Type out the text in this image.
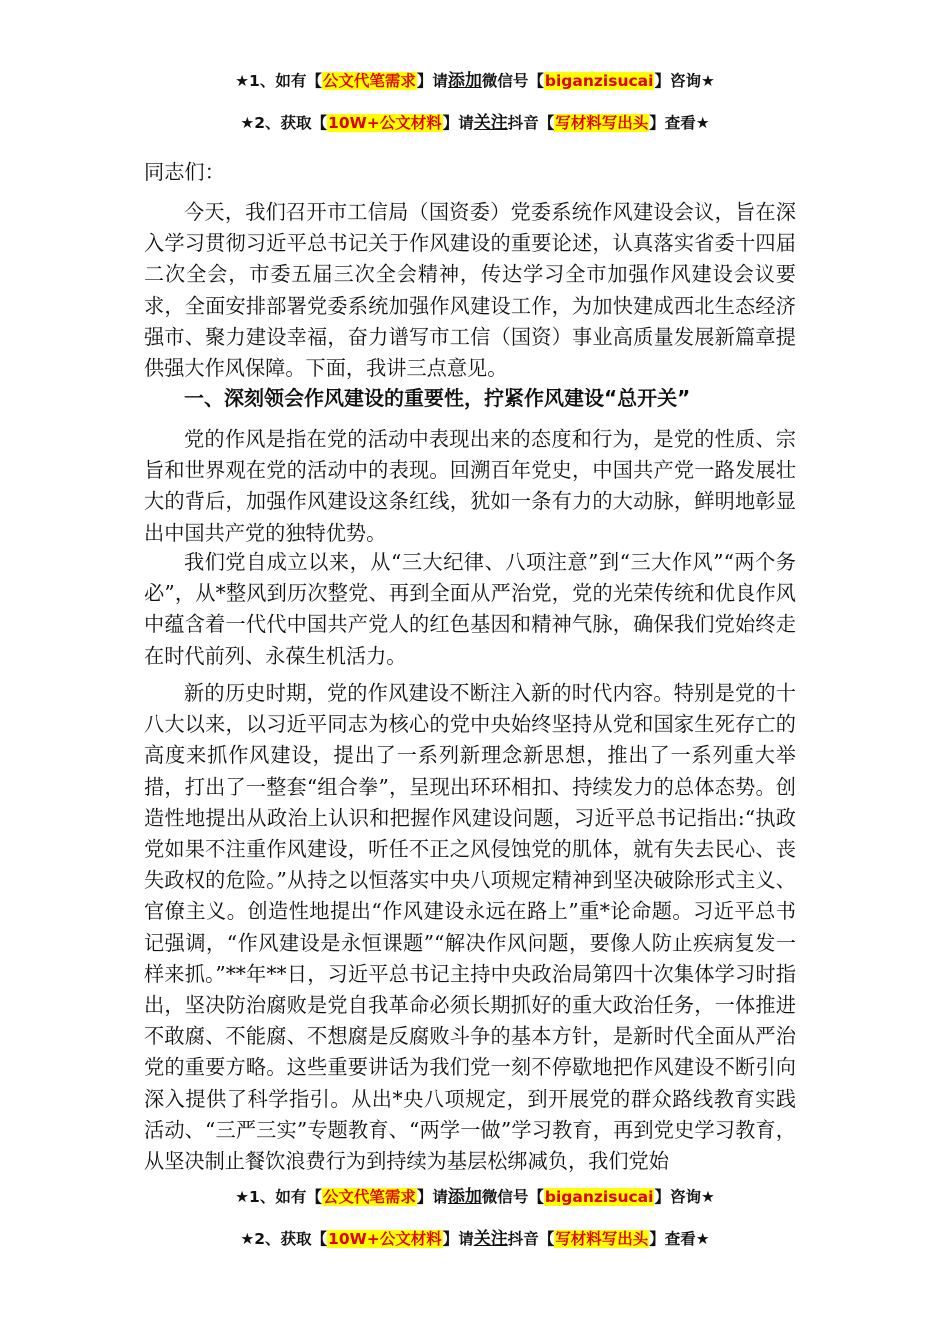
★1、如有【公文代笔需求】请添加微信号【biganzisucai】咨询★
★2、获取【10W+公文材料】请关注抖音【写材料写出头】查看★
同志们：

今天，我们召开市工信局（国资委）党委系统作风建设会议，旨在深入学习贯彻习近平总书记关于作风建设的重要论述，认真落实省委十四届二次全会，市委五届三次全会精神，传达学习全市加强作风建设会议要求，全面安排部署党委系统加强作风建设工作，为加快建成西北生态经济强市、聚力建设幸福，奋力谱写市工信（国资）事业高质量发展新篇章提供强大作风保障。下面，我讲三点意见。

一、深刻领会作风建设的重要性，拧紧作风建设“总开关”

党的作风是指在党的活动中表现出来的态度和行为，是党的性质、宗旨和世界观在党的活动中的表现。回溯百年党史，中国共产党一路发展壮大的背后，加强作风建设这条红线，犹如一条有力的大动脉，鲜明地彰显出中国共产党的独特优势。

我们党自成立以来，从“三大纪律、八项注意”到“三大作风”“两个务必”，从*整风到历次整党、再到全面从严治党，党的光荣传统和优良作风中蕴含着一代代中国共产党人的红色基因和精神气脉，确保我们党始终走在时代前列、永葆生机活力。

新的历史时期，党的作风建设不断注入新的时代内容。特别是党的十八大以来，以习近平同志为核心的党中央始终坚持从党和国家生死存亡的高度来抓作风建设，提出了一系列新理念新思想，推出了一系列重大举措，打出了一整套“组合拳”，呈现出环环相扣、持续发力的总体态势。创造性地提出从政治上认识和把握作风建设问题，习近平总书记指出:“执政党如果不注重作风建设，听任不正之风侵蚀党的肌体，就有失去民心、丧失政权的危险。”从持之以恒落实中央八项规定精神到坚决破除形式主义、官僚主义。创造性地提出“作风建设永远在路上”重*论命题。习近平总书记强调，“作风建设是永恒课题”“解决作风问题，要像人防止疾病复发一样来抓。”**年**日，习近平总书记主持中央政治局第四十次集体学习时指出，坚决防治腐败是党自我革命必须长期抓好的重大政治任务，一体推进不敢腐、不能腐、不想腐是反腐败斗争的基本方针，是新时代全面从严治党的重要方略。这些重要讲话为我们党一刻不停歇地把作风建设不断引向深入提供了科学指引。从出*央八项规定，到开展党的群众路线教育实践活动、“三严三实”专题教育、“两学一做”学习教育，再到党史学习教育，从坚决制止餐饮浪费行为到持续为基层松绑减负，我们党始

★1、如有【公文代笔需求】请添加微信号【biganzisucai】咨询★
★2、获取【10W+公文材料】请关注抖音【写材料写出头】查看★
